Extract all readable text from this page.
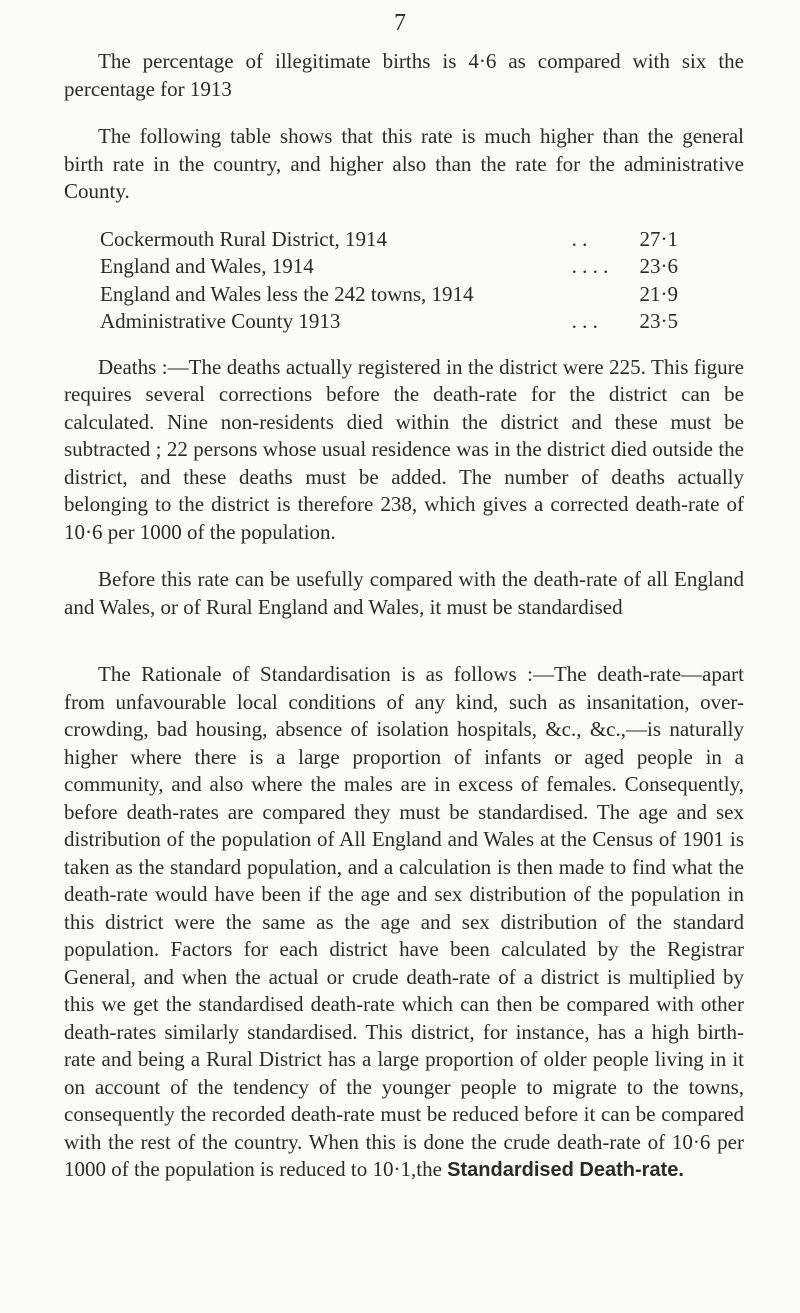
7

The percentage of illegitimate births is 4·6 as compared with six the percentage for 1913

The following table shows that this rate is much higher than the general birth rate in the country, and higher also than the rate for the administrative County.

Cockermouth Rural District, 1914	. .	27·1
England and Wales, 1914	. . . .	23·6
England and Wales less the 242 towns, 1914		21·9
Administrative County 1913	. . .	23·5

Deaths :—The deaths actually registered in the district were 225. This figure requires several corrections before the death-rate for the district can be calculated. Nine non-residents died within the district and these must be subtracted ; 22 persons whose usual residence was in the district died outside the district, and these deaths must be added. The number of deaths actually belonging to the district is therefore 238, which gives a corrected death-rate of 10·6 per 1000 of the population.

Before this rate can be usefully compared with the death-rate of all England and Wales, or of Rural England and Wales, it must be standardised

The Rationale of Standardisation is as follows :—The death-rate—apart from unfavourable local conditions of any kind, such as insanitation, over-crowding, bad housing, absence of isolation hospitals, &c., &c.,—is naturally higher where there is a large proportion of infants or aged people in a community, and also where the males are in excess of females. Consequently, before death-rates are compared they must be standardised. The age and sex distribution of the population of All England and Wales at the Census of 1901 is taken as the standard population, and a calculation is then made to find what the death-rate would have been if the age and sex distribution of the population in this district were the same as the age and sex distribution of the standard population. Factors for each district have been calculated by the Registrar General, and when the actual or crude death-rate of a district is multiplied by this we get the standardised death-rate which can then be compared with other death-rates similarly standardised. This district, for instance, has a high birth-rate and being a Rural District has a large proportion of older people living in it on account of the tendency of the younger people to migrate to the towns, consequently the recorded death-rate must be reduced before it can be compared with the rest of the country. When this is done the crude death-rate of 10·6 per 1000 of the population is reduced to 10·1,the Standardised Death-rate.
